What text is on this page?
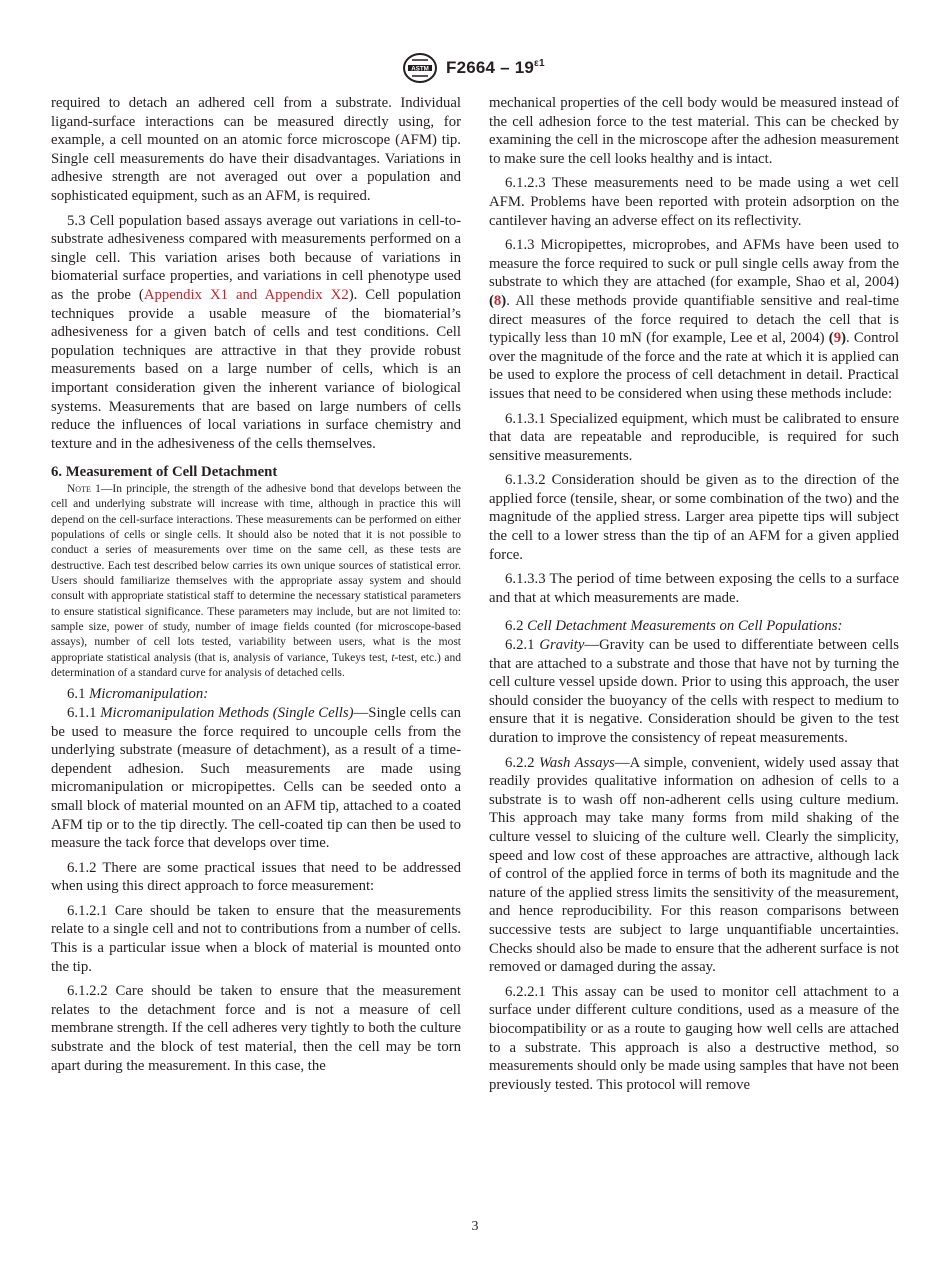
ASTM $F2664 - 19^{\varepsilon 1}$

required to detach an adhered cell from a substrate. Individual ligand-surface interactions can be measured directly using, for example, a cell mounted on an atomic force microscope (AFM) tip. Single cell measurements do have their disadvantages. Variations in adhesive strength are not averaged out over a population and sophisticated equipment, such as an AFM, is required.

5.3 Cell population based assays average out variations in cell-to-substrate adhesiveness compared with measurements performed on a single cell. This variation arises both because of variations in biomaterial surface properties, and variations in cell phenotype used as the probe (Appendix X1 and Appendix X2). Cell population techniques provide a usable measure of the biomaterial’s adhesiveness for a given batch of cells and test conditions. Cell population techniques are attractive in that they provide robust measurements based on a large number of cells, which is an important consideration given the inherent variance of biological systems. Measurements that are based on large numbers of cells reduce the influences of local variations in surface chemistry and texture and in the adhesiveness of the cells themselves.

6. Measurement of Cell Detachment

Note 1—In principle, the strength of the adhesive bond that develops between the cell and underlying substrate will increase with time, although in practice this will depend on the cell-surface interactions. These measurements can be performed on either populations of cells or single cells. It should also be noted that it is not possible to conduct a series of measurements over time on the same cell, as these tests are destructive. Each test described below carries its own unique sources of statistical error. Users should familiarize themselves with the appropriate assay system and should consult with appropriate statistical staff to determine the necessary statistical parameters to ensure statistical significance. These parameters may include, but are not limited to: sample size, power of study, number of image fields counted (for microscope-based assays), number of cell lots tested, variability between users, what is the most appropriate statistical analysis (that is, analysis of variance, Tukeys test, t-test, etc.) and determination of a standard curve for analysis of detached cells.

6.1 Micromanipulation:

6.1.1 Micromanipulation Methods (Single Cells)—Single cells can be used to measure the force required to uncouple cells from the underlying substrate (measure of detachment), as a result of a time-dependent adhesion. Such measurements are made using micromanipulation or micropipettes. Cells can be seeded onto a small block of material mounted on an AFM tip, attached to a coated AFM tip or to the tip directly. The cell-coated tip can then be used to measure the tack force that develops over time.

6.1.2 There are some practical issues that need to be addressed when using this direct approach to force measurement:

6.1.2.1 Care should be taken to ensure that the measurements relate to a single cell and not to contributions from a number of cells. This is a particular issue when a block of material is mounted onto the tip.

6.1.2.2 Care should be taken to ensure that the measurement relates to the detachment force and is not a measure of cell membrane strength. If the cell adheres very tightly to both the culture substrate and the block of test material, then the cell may be torn apart during the measurement. In this case, the

mechanical properties of the cell body would be measured instead of the cell adhesion force to the test material. This can be checked by examining the cell in the microscope after the adhesion measurement to make sure the cell looks healthy and is intact.

6.1.2.3 These measurements need to be made using a wet cell AFM. Problems have been reported with protein adsorption on the cantilever having an adverse effect on its reflectivity.

6.1.3 Micropipettes, microprobes, and AFMs have been used to measure the force required to suck or pull single cells away from the substrate to which they are attached (for example, Shao et al, 2004) (8). All these methods provide quantifiable sensitive and real-time direct measures of the force required to detach the cell that is typically less than 10 mN (for example, Lee et al, 2004) (9). Control over the magnitude of the force and the rate at which it is applied can be used to explore the process of cell detachment in detail. Practical issues that need to be considered when using these methods include:

6.1.3.1 Specialized equipment, which must be calibrated to ensure that data are repeatable and reproducible, is required for such sensitive measurements.

6.1.3.2 Consideration should be given as to the direction of the applied force (tensile, shear, or some combination of the two) and the magnitude of the applied stress. Larger area pipette tips will subject the cell to a lower stress than the tip of an AFM for a given applied force.

6.1.3.3 The period of time between exposing the cells to a surface and that at which measurements are made.

6.2 Cell Detachment Measurements on Cell Populations:

6.2.1 Gravity—Gravity can be used to differentiate between cells that are attached to a substrate and those that have not by turning the cell culture vessel upside down. Prior to using this approach, the user should consider the buoyancy of the cells with respect to medium to ensure that it is negative. Consideration should be given to the test duration to improve the consistency of repeat measurements.

6.2.2 Wash Assays—A simple, convenient, widely used assay that readily provides qualitative information on adhesion of cells to a substrate is to wash off non-adherent cells using culture medium. This approach may take many forms from mild shaking of the culture vessel to sluicing of the culture well. Clearly the simplicity, speed and low cost of these approaches are attractive, although lack of control of the applied force in terms of both its magnitude and the nature of the applied stress limits the sensitivity of the measurement, and hence reproducibility. For this reason comparisons between successive tests are subject to large unquantifiable uncertainties. Checks should also be made to ensure that the adherent surface is not removed or damaged during the assay.

6.2.2.1 This assay can be used to monitor cell attachment to a surface under different culture conditions, used as a measure of the biocompatibility or as a route to gauging how well cells are attached to a substrate. This approach is also a destructive method, so measurements should only be made using samples that have not been previously tested. This protocol will remove

3
